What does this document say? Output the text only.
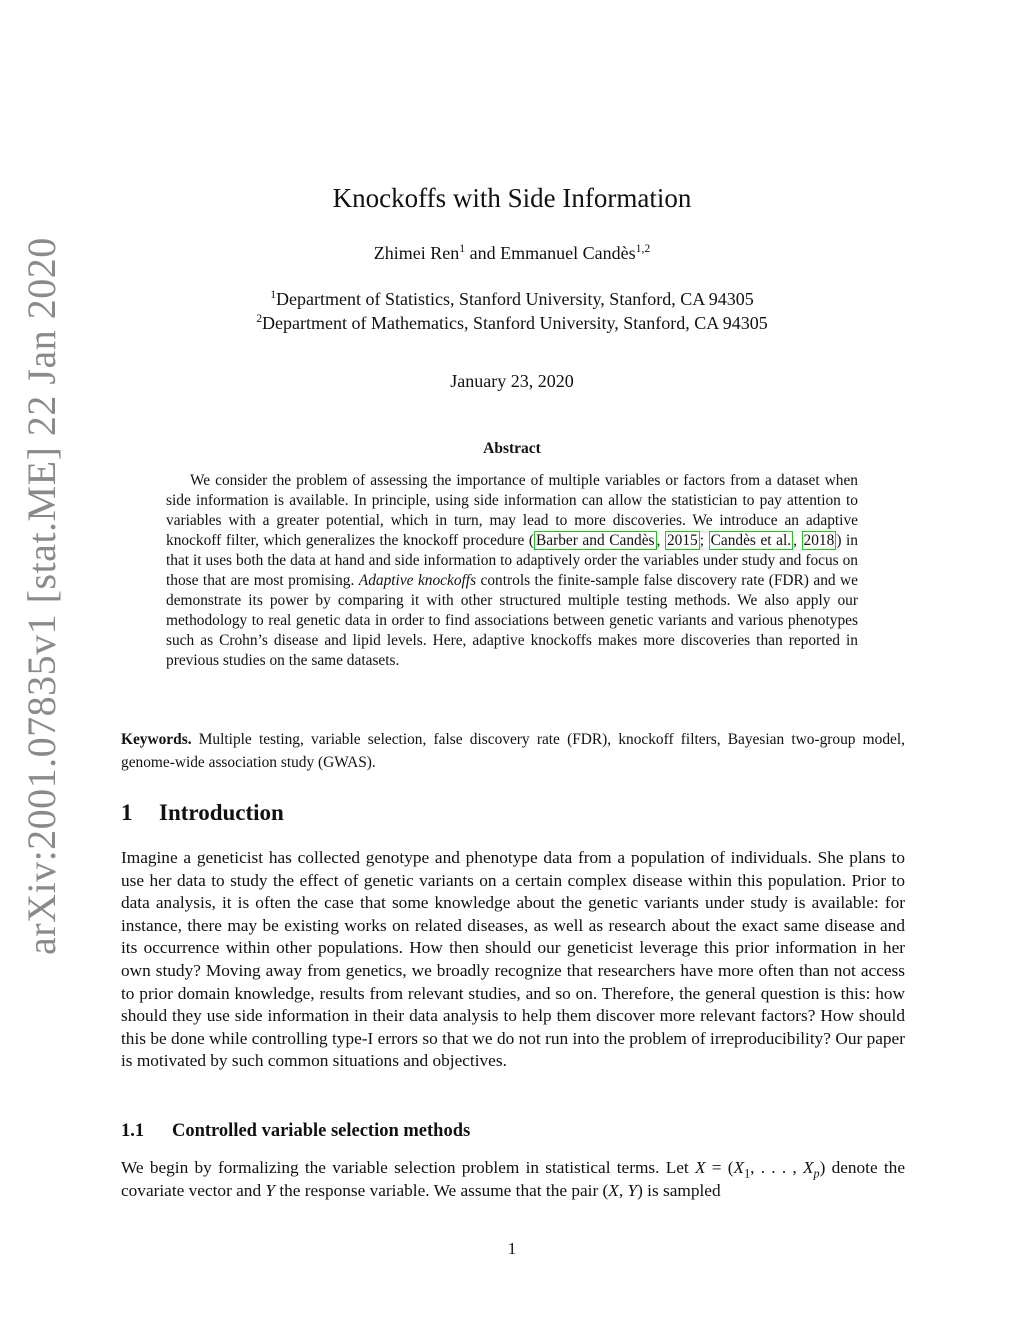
arXiv:2001.07835v1 [stat.ME] 22 Jan 2020
Knockoffs with Side Information
Zhimei Ren$^1$ and Emmanuel Candès$^{1,2}$
$^1$Department of Statistics, Stanford University, Stanford, CA 94305
$^2$Department of Mathematics, Stanford University, Stanford, CA 94305
January 23, 2020
Abstract
We consider the problem of assessing the importance of multiple variables or factors from a dataset when side information is available. In principle, using side information can allow the statistician to pay attention to variables with a greater potential, which in turn, may lead to more discoveries. We introduce an adaptive knockoff filter, which generalizes the knockoff procedure ( Barber and Candès , 2015 ; Candès et al. , 2018 ) in that it uses both the data at hand and side information to adaptively order the variables under study and focus on those that are most promising. Adaptive knockoffs controls the finite-sample false discovery rate (FDR) and we demonstrate its power by comparing it with other structured multiple testing methods. We also apply our methodology to real genetic data in order to find associations between genetic variants and various phenotypes such as Crohn’s disease and lipid levels. Here, adaptive knockoffs makes more discoveries than reported in previous studies on the same datasets.
Keywords. Multiple testing, variable selection, false discovery rate (FDR), knockoff filters, Bayesian two-group model, genome-wide association study (GWAS).
1 Introduction
Imagine a geneticist has collected genotype and phenotype data from a population of individuals. She plans to use her data to study the effect of genetic variants on a certain complex disease within this population. Prior to data analysis, it is often the case that some knowledge about the genetic variants under study is available: for instance, there may be existing works on related diseases, as well as research about the exact same disease and its occurrence within other populations. How then should our geneticist leverage this prior information in her own study? Moving away from genetics, we broadly recognize that researchers have more often than not access to prior domain knowledge, results from relevant studies, and so on. Therefore, the general question is this: how should they use side information in their data analysis to help them discover more relevant factors? How should this be done while controlling type-I errors so that we do not run into the problem of irreproducibility? Our paper is motivated by such common situations and objectives.
1.1 Controlled variable selection methods
We begin by formalizing the variable selection problem in statistical terms. Let $X = (X_1$, . . . , $X_p$) denote the covariate vector and Y the response variable. We assume that the pair (X, Y) is sampled
1
